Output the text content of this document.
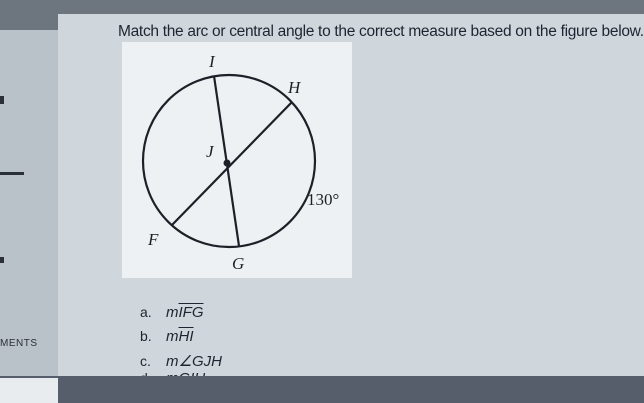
Match the arc or central angle to the correct measure based on the figure below.
I
H
J
F
G
130°
a. $m\overline{IFG}$
b. $m\overline{HI}$
c. m∠GJH
MENTS
